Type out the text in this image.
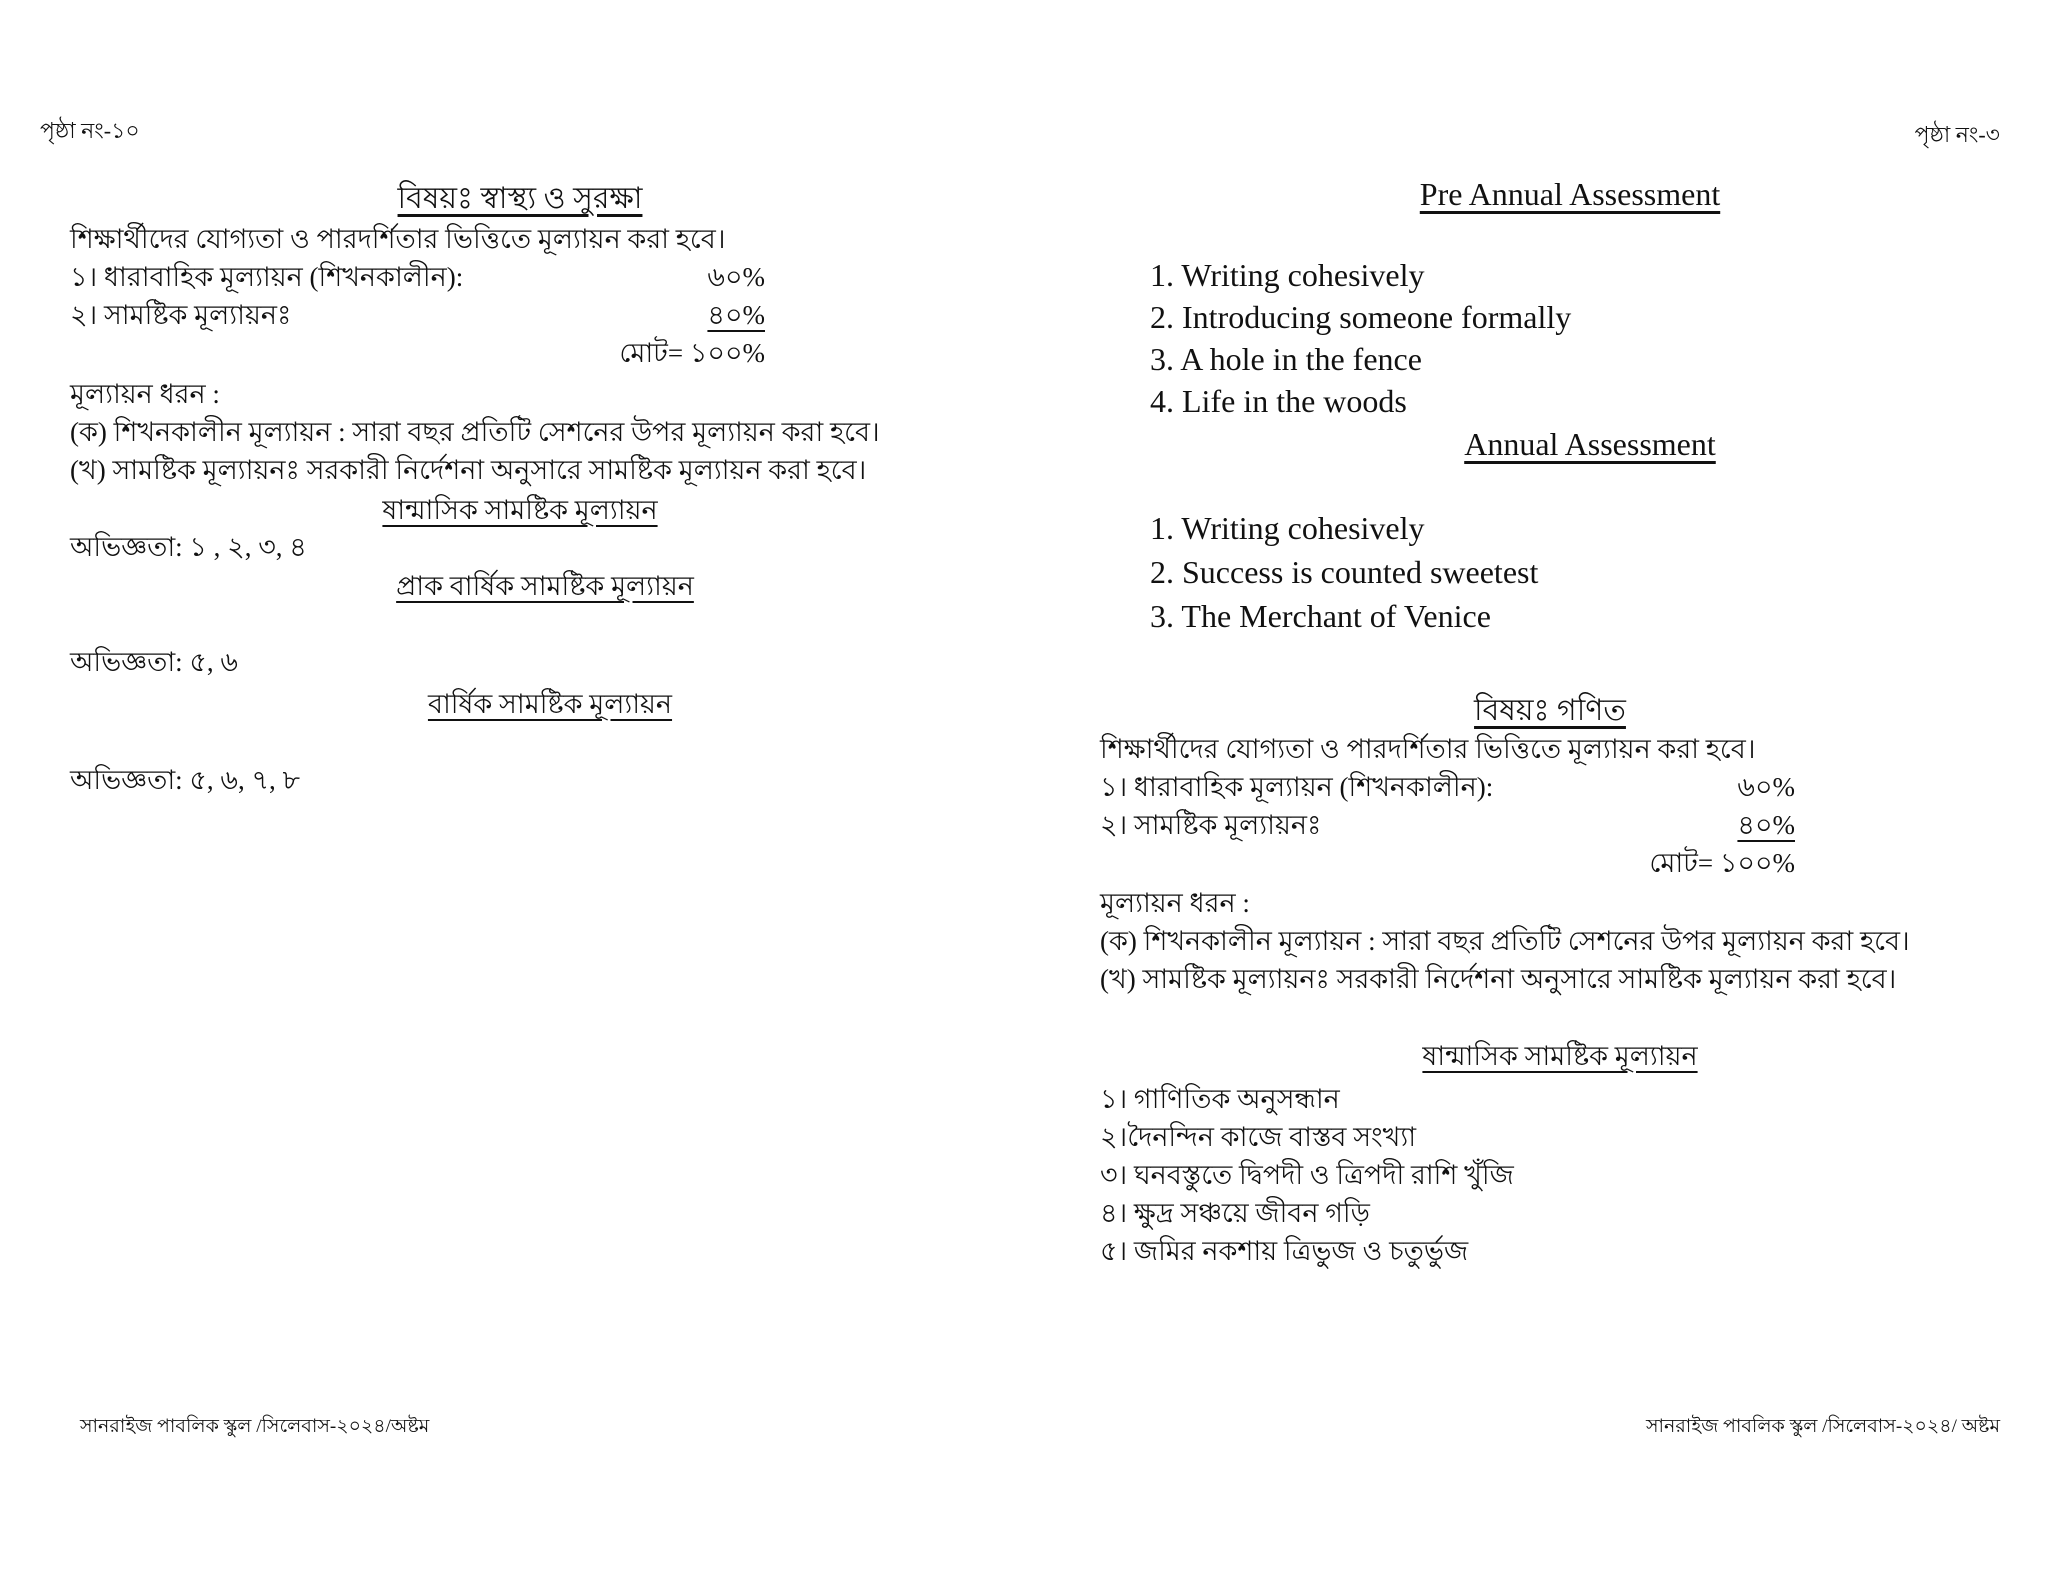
পৃষ্ঠা নং-১০
বিষয়ঃ স্বাস্থ্য ও সুরক্ষা
শিক্ষার্থীদের যোগ্যতা ও পারদর্শিতার ভিত্তিতে মূল্যায়ন করা হবে।
১। ধারাবাহিক মূল্যায়ন (শিখনকালীন):	৬০%
২। সামষ্টিক মূল্যায়নঃ	৪০%
মোট= ১০০%
মূল্যায়ন ধরন :
(ক) শিখনকালীন মূল্যায়ন : সারা বছর প্রতিটি সেশনের উপর মূল্যায়ন করা হবে।
(খ) সামষ্টিক মূল্যায়নঃ সরকারী নির্দেশনা অনুসারে সামষ্টিক মূল্যায়ন করা হবে।
ষান্মাসিক সামষ্টিক মূল্যায়ন
অভিজ্ঞতা: ১ , ২, ৩, ৪
প্রাক বার্ষিক সামষ্টিক মূল্যায়ন
অভিজ্ঞতা: ৫, ৬
বার্ষিক সামষ্টিক মূল্যায়ন
অভিজ্ঞতা: ৫, ৬, ৭, ৮
সানরাইজ পাবলিক স্কুল /সিলেবাস-২০২৪/অষ্টম
পৃষ্ঠা নং-৩
Pre Annual Assessment
1. Writing cohesively
2. Introducing someone formally
3. A hole in the fence
4. Life in the woods
Annual Assessment
1. Writing cohesively
2. Success is counted sweetest
3. The Merchant of Venice
বিষয়ঃ গণিত
শিক্ষার্থীদের যোগ্যতা ও পারদর্শিতার ভিত্তিতে মূল্যায়ন করা হবে।
১। ধারাবাহিক মূল্যায়ন (শিখনকালীন):	৬০%
২। সামষ্টিক মূল্যায়নঃ	৪০%
মোট= ১০০%
মূল্যায়ন ধরন :
(ক) শিখনকালীন মূল্যায়ন : সারা বছর প্রতিটি সেশনের উপর মূল্যায়ন করা হবে।
(খ) সামষ্টিক মূল্যায়নঃ সরকারী নির্দেশনা অনুসারে সামষ্টিক মূল্যায়ন করা হবে।
ষান্মাসিক সামষ্টিক মূল্যায়ন
১। গাণিতিক অনুসন্ধান
২।দৈনন্দিন কাজে বাস্তব সংখ্যা
৩। ঘনবস্তুতে দ্বিপদী ও ত্রিপদী রাশি খুঁজি
৪। ক্ষুদ্র সঞ্চয়ে জীবন গড়ি
৫। জমির নকশায় ত্রিভুজ ও চতুর্ভুজ
সানরাইজ পাবলিক স্কুল /সিলেবাস-২০২৪/ অষ্টম
